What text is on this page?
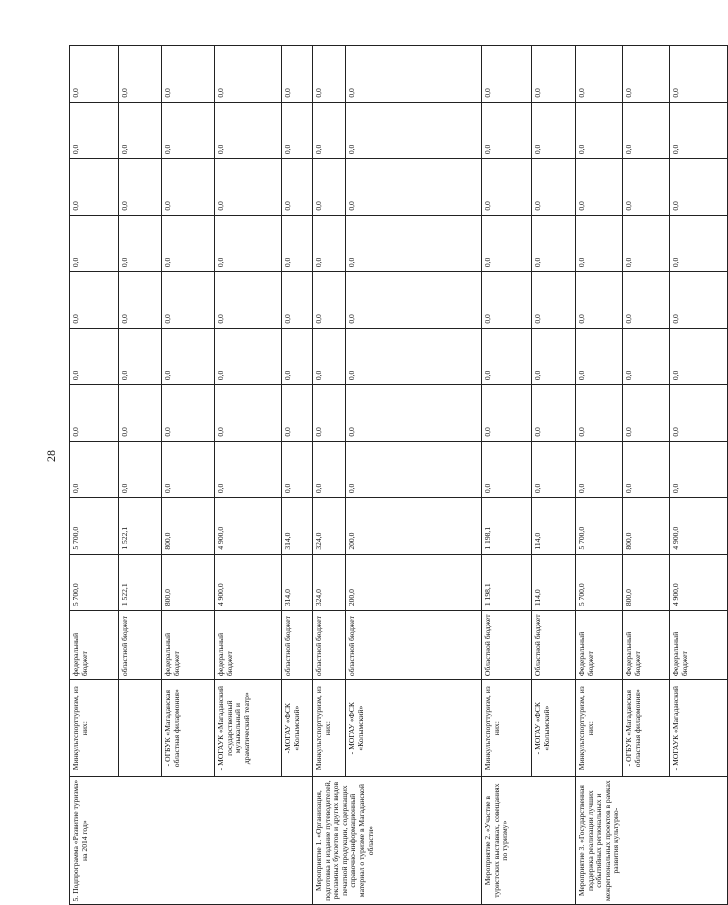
28
5. Подпрограмма «Развитие туризма» на 2014 год»	Минкультспорттуризм, из них:	федеральный бюджет	5 700,0	5 700,0	0,0	0,0	0,0	0,0	0,0	0,0	0,0	0,0
		областной бюджет	1 522,1	1 522,1	0,0	0,0	0,0	0,0	0,0	0,0	0,0	0,0
	- ОГБУК «Магаданская областная филармония»	федеральный бюджет	800,0	800,0	0,0	0,0	0,0	0,0	0,0	0,0	0,0	0,0
	- МОГАУК «Магаданский государственный музыкальный и драматический театр»	федеральный бюджет	4 900,0	4 900,0	0,0	0,0	0,0	0,0	0,0	0,0	0,0	0,0
	-МОГАУ «ФСК «Колымский»	областной бюджет	314,0	314,0	0,0	0,0	0,0	0,0	0,0	0,0	0,0	0,0
Мероприятие 1. «Организация, подготовка и издание путеводителей, рекламных буклетов и других видов печатной продукции, содержащих справочно-информационный материал о туризме в Магаданской области»	Минкультспорттуризм, из них:	областной бюджет	324,0	324,0	0,0	0,0	0,0	0,0	0,0	0,0	0,0	0,0
	- МОГАУ «ФСК «Колымский»	областной бюджет	200,0	200,0	0,0	0,0	0,0	0,0	0,0	0,0	0,0	0,0
Мероприятие 2. «Участие в туристских выставках, совещаниях по туризму»	Минкультспорттуризм, из них:	Областной бюджет	1 198,1	1 198,1	0,0	0,0	0,0	0,0	0,0	0,0	0,0	0,0
	- МОГАУ «ФСК «Колымский»	Областной бюджет	114,0	114,0	0,0	0,0	0,0	0,0	0,0	0,0	0,0	0,0
Мероприятие 3. «Государственная поддержка реализации лучших событийных региональных и межрегиональных проектов в рамках развития культурно-	Минкультспорттуризм, из них:	Федеральный бюджет	5 700,0	5 700,0	0,0	0,0	0,0	0,0	0,0	0,0	0,0	0,0
	- ОГБУК «Магаданская областная филармония»	Федеральный бюджет	800,0	800,0	0,0	0,0	0,0	0,0	0,0	0,0	0,0	0,0
	- МОГАУК «Магаданский	Федеральный бюджет	4 900,0	4 900,0	0,0	0,0	0,0	0,0	0,0	0,0	0,0	0,0
